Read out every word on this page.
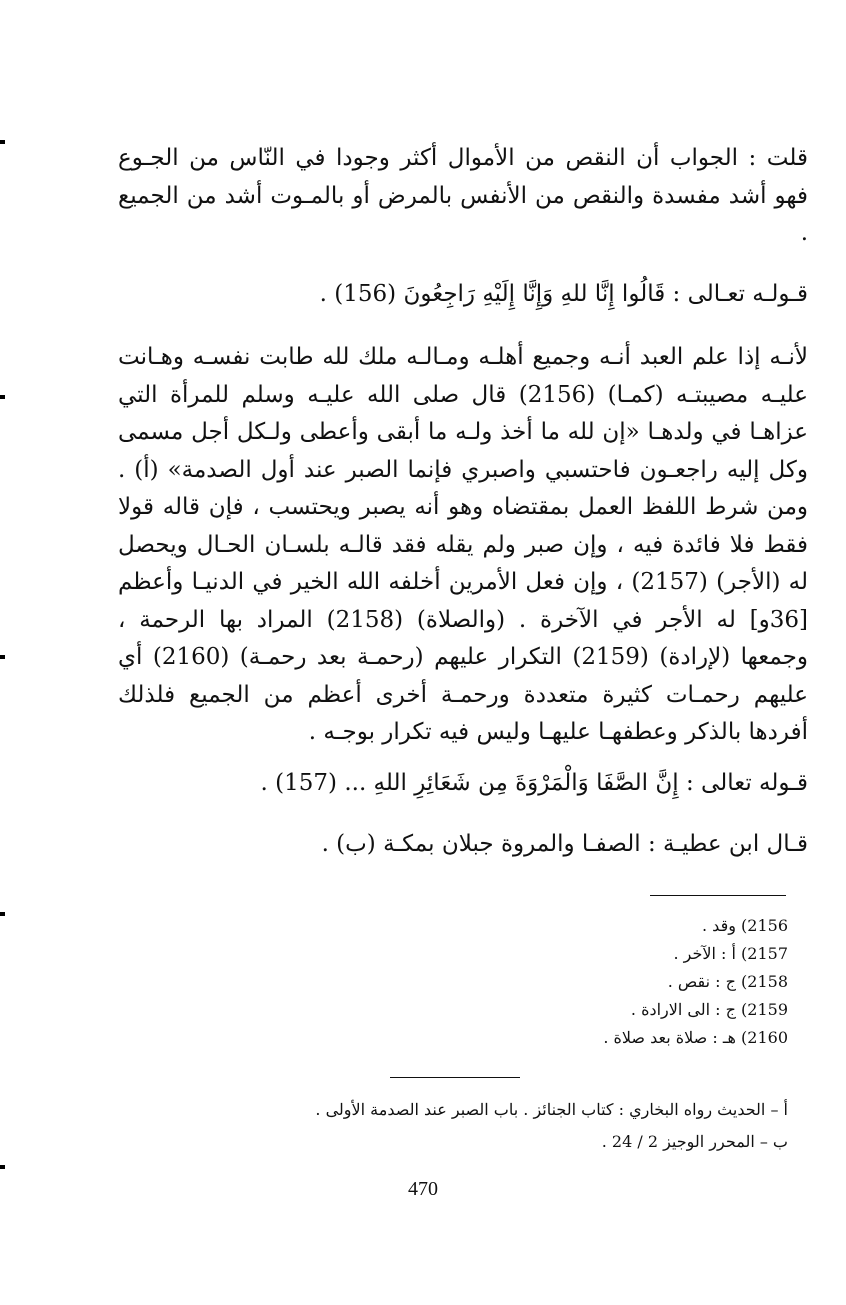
قلت : الجواب أن النقص من الأموال أكثر وجودا في النّاس من الجـوع فهو أشد مفسدة والنقص من الأنفس بالمرض أو بالمـوت أشد من الجميع .

قـولـه تعـالى : قَالُوا إِنَّا للهِ وَإِنَّا إِلَيْهِ رَاجِعُونَ (156) .

لأنـه إذا علم العبد أنـه وجميع أهلـه ومـالـه ملك لله طابت نفسـه وهـانت عليـه مصيبتـه (كمـا) (2156) قال صلى الله عليـه وسلم للمرأة التي عزاهـا في ولدهـا «إن لله ما أخذ ولـه ما أبقى وأعطى ولـكل أجل مسمى وكل إليه راجعـون فاحتسبي واصبري فإنما الصبر عند أول الصدمة» (أ) . ومن شرط اللفظ العمل بمقتضاه وهو أنه يصبر ويحتسب ، فإن قاله قولا فقط فلا فائدة فيه ، وإن صبر ولم يقله فقد قالـه بلسـان الحـال ويحصل له (الأجر) (2157) ، وإن فعل الأمرين أخلفه الله الخير في الدنيـا وأعظم [36و] له الأجر في الآخرة . (والصلاة) (2158) المراد بها الرحمة ، وجمعها (لإرادة) (2159) التكرار عليهم (رحمـة بعد رحمـة) (2160) أي عليهم رحمـات كثيرة متعددة ورحمـة أخرى أعظم من الجميع فلذلك أفردها بالذكر وعطفهـا عليهـا وليس فيه تكرار بوجـه .

قـوله تعالى : إِنَّ الصَّفَا وَالْمَرْوَةَ مِن شَعَائِرِ اللهِ ... (157) .

قـال ابن عطيـة : الصفـا والمروة جبلان بمكـة (ب) .

2156) وقد .

2157) أ : الآخر .

2158) ج : نقص .

2159) ج : الى الارادة .

2160) هـ : صلاة بعد صلاة .

أ – الحديث رواه البخاري : كتاب الجنائز . باب الصبر عند الصدمة الأولى .

ب – المحرر الوجيز 2 / 24 .

470
